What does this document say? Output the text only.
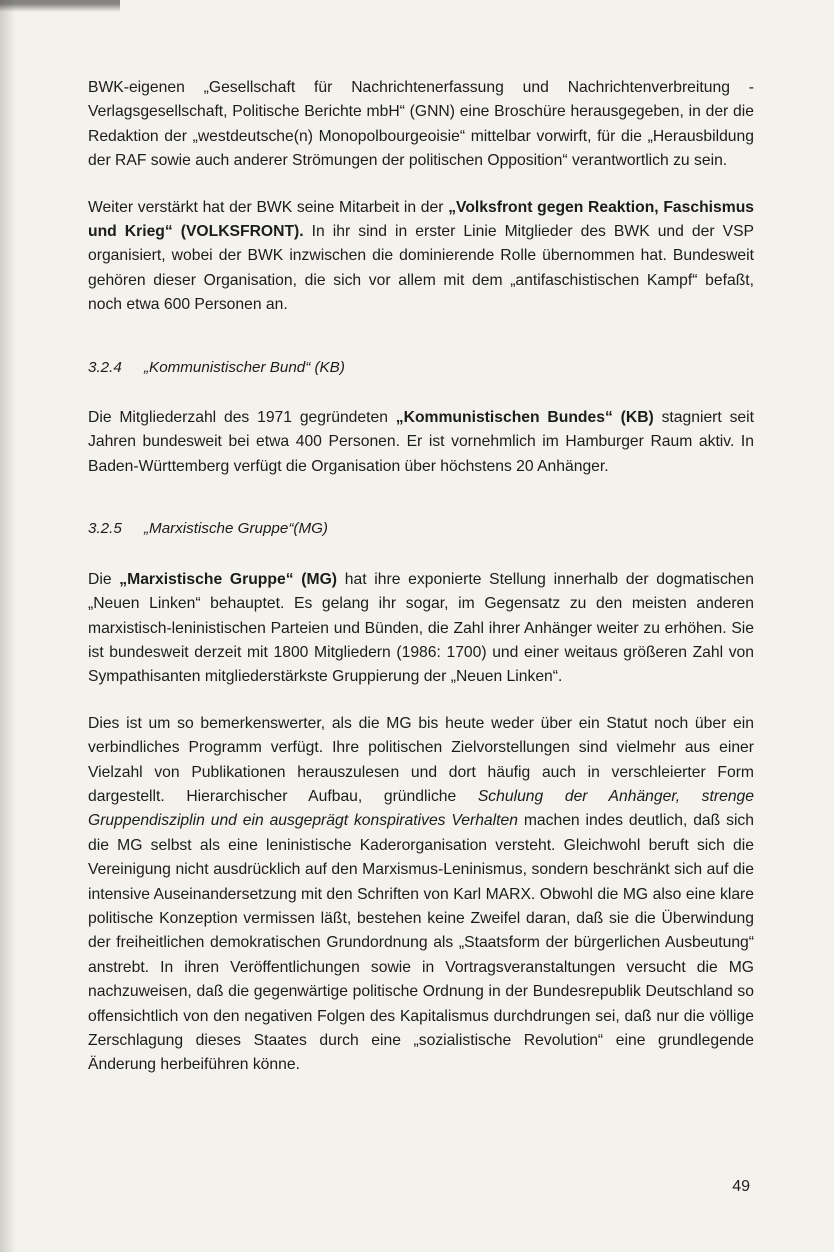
BWK-eigenen „Gesellschaft für Nachrichtenerfassung und Nachrichtenverbreitung - Verlagsgesellschaft, Politische Berichte mbH“ (GNN) eine Broschüre herausgegeben, in der die Redaktion der „westdeutsche(n) Monopolbourgeoisie“ mittelbar vorwirft, für die „Herausbildung der RAF sowie auch anderer Strömungen der politischen Opposition“ verantwortlich zu sein.

Weiter verstärkt hat der BWK seine Mitarbeit in der „Volksfront gegen Reaktion, Faschismus und Krieg“ (VOLKSFRONT). In ihr sind in erster Linie Mitglieder des BWK und der VSP organisiert, wobei der BWK inzwischen die dominierende Rolle übernommen hat. Bundesweit gehören dieser Organisation, die sich vor allem mit dem „antifaschistischen Kampf“ befaßt, noch etwa 600 Personen an.

3.2.4 „Kommunistischer Bund“ (KB)

Die Mitgliederzahl des 1971 gegründeten „Kommunistischen Bundes“ (KB) stagniert seit Jahren bundesweit bei etwa 400 Personen. Er ist vornehmlich im Hamburger Raum aktiv. In Baden-Württemberg verfügt die Organisation über höchstens 20 Anhänger.

3.2.5 „Marxistische Gruppe“(MG)

Die „Marxistische Gruppe“ (MG) hat ihre exponierte Stellung innerhalb der dogmatischen „Neuen Linken“ behauptet. Es gelang ihr sogar, im Gegensatz zu den meisten anderen marxistisch-leninistischen Parteien und Bünden, die Zahl ihrer Anhänger weiter zu erhöhen. Sie ist bundesweit derzeit mit 1800 Mitgliedern (1986: 1700) und einer weitaus größeren Zahl von Sympathisanten mitgliederstärkste Gruppierung der „Neuen Linken“.

Dies ist um so bemerkenswerter, als die MG bis heute weder über ein Statut noch über ein verbindliches Programm verfügt. Ihre politischen Zielvorstellungen sind vielmehr aus einer Vielzahl von Publikationen herauszulesen und dort häufig auch in verschleierter Form dargestellt. Hierarchischer Aufbau, gründliche Schulung der Anhänger, strenge Gruppendisziplin und ein ausgeprägt konspiratives Verhalten machen indes deutlich, daß sich die MG selbst als eine leninistische Kaderorganisation versteht. Gleichwohl beruft sich die Vereinigung nicht ausdrücklich auf den Marxismus-Leninismus, sondern beschränkt sich auf die intensive Auseinandersetzung mit den Schriften von Karl MARX. Obwohl die MG also eine klare politische Konzeption vermissen läßt, bestehen keine Zweifel daran, daß sie die Überwindung der freiheitlichen demokratischen Grundordnung als „Staatsform der bürgerlichen Ausbeutung“ anstrebt. In ihren Veröffentlichungen sowie in Vortragsveranstaltungen versucht die MG nachzuweisen, daß die gegenwärtige politische Ordnung in der Bundesrepublik Deutschland so offensichtlich von den negativen Folgen des Kapitalismus durchdrungen sei, daß nur die völlige Zerschlagung dieses Staates durch eine „sozialistische Revolution“ eine grundlegende Änderung herbeiführen könne.

49
